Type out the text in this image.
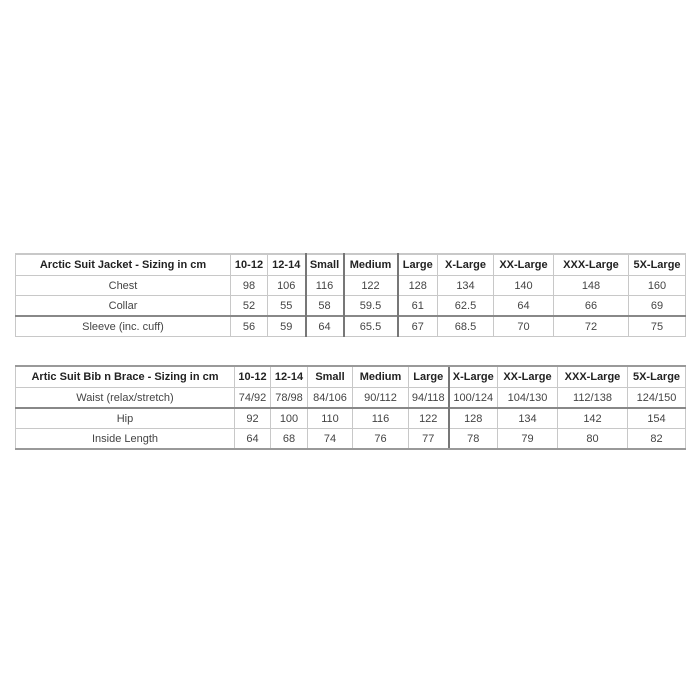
Arctic Suit Jacket - Sizing in cm	10-12	12-14	Small	Medium	Large	X-Large	XX-Large	XXX-Large	5X-Large
Chest	98	106	116	122	128	134	140	148	160
Collar	52	55	58	59.5	61	62.5	64	66	69
Sleeve (inc. cuff)	56	59	64	65.5	67	68.5	70	72	75
Artic Suit Bib n Brace - Sizing in cm	10-12	12-14	Small	Medium	Large	X-Large	XX-Large	XXX-Large	5X-Large
Waist (relax/stretch)	74/92	78/98	84/106	90/112	94/118	100/124	104/130	112/138	124/150
Hip	92	100	110	116	122	128	134	142	154
Inside Length	64	68	74	76	77	78	79	80	82
